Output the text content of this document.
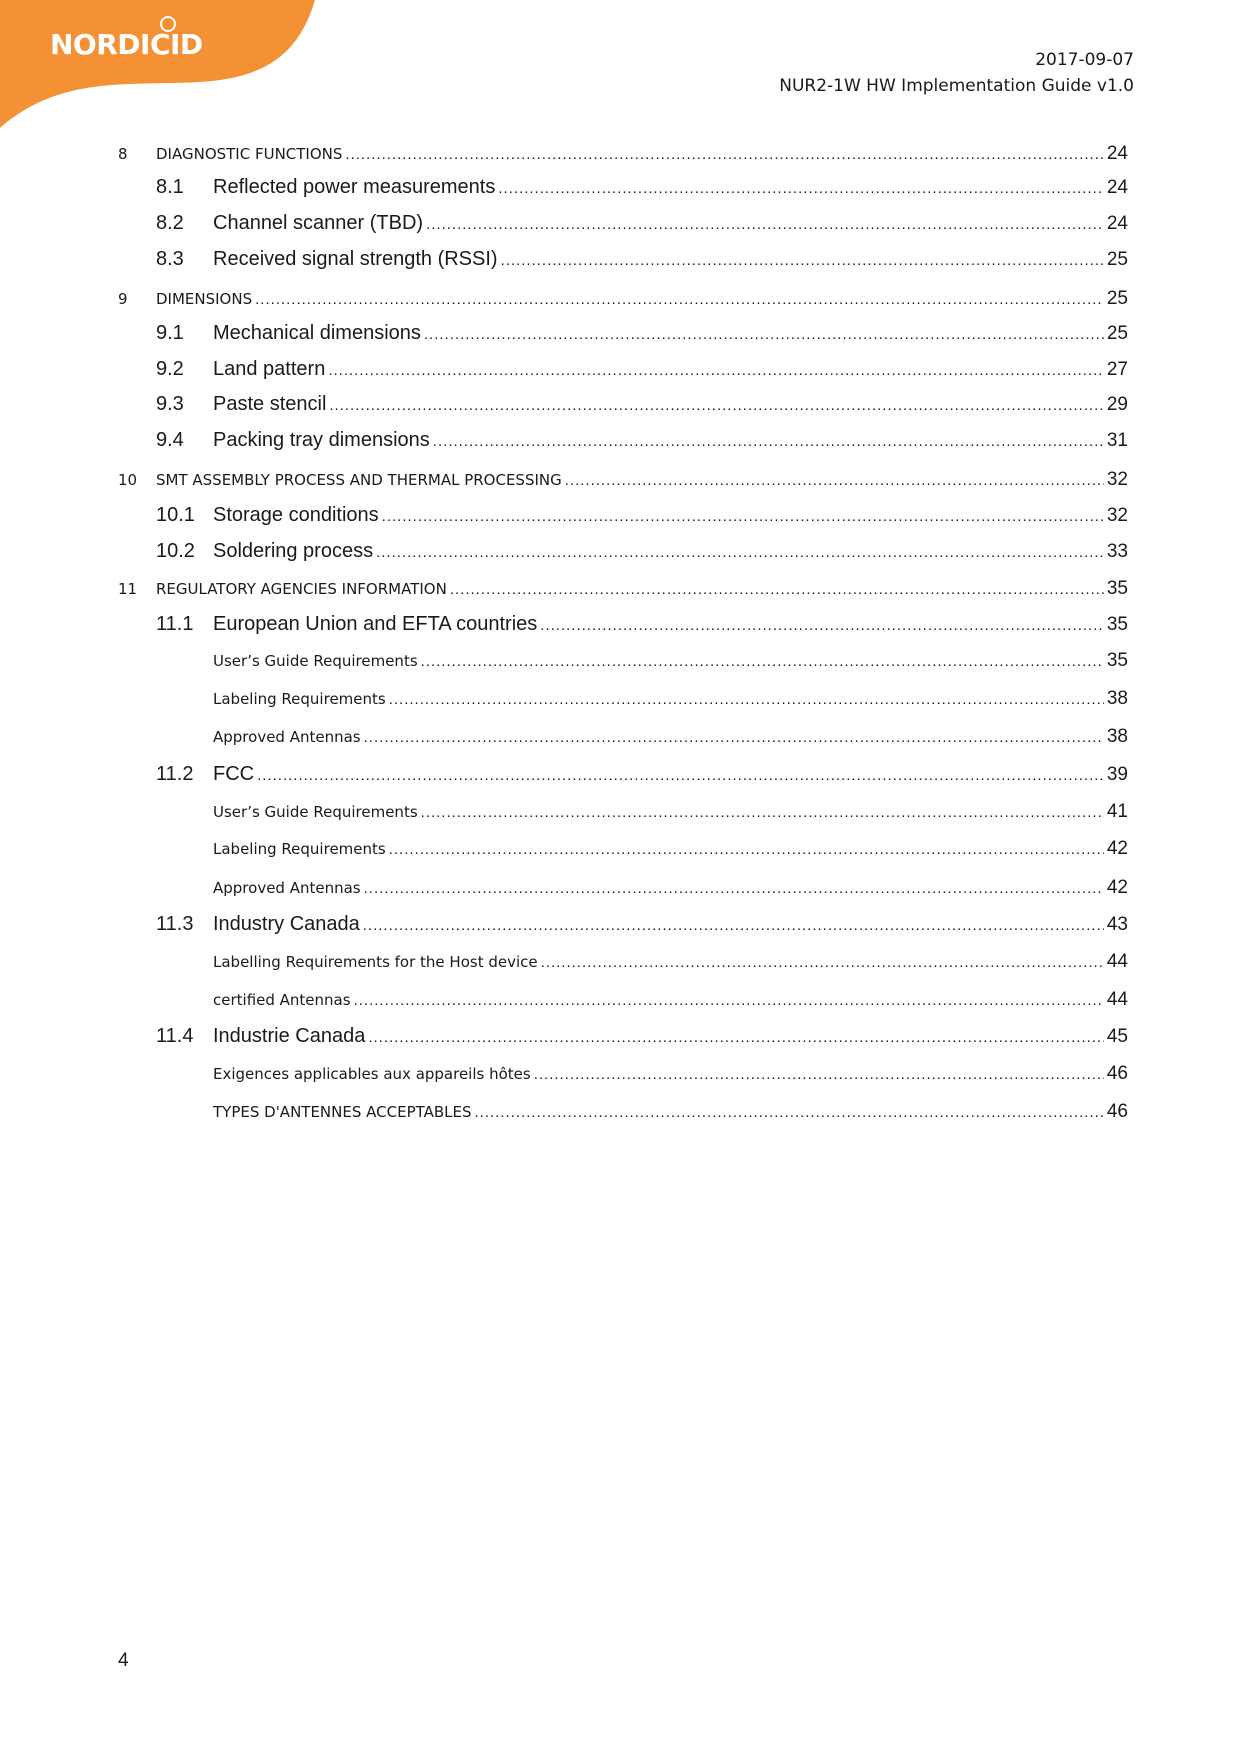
NORDICID	2017-09-07
NUR2-1W HW Implementation Guide v1.0
8	DIAGNOSTIC FUNCTIONS .....	24
8.1	Reflected power measurements .....	24
8.2	Channel scanner (TBD) .....	24
8.3	Received signal strength (RSSI) .....	25
9	DIMENSIONS .....	25
9.1	Mechanical dimensions .....	25
9.2	Land pattern .....	27
9.3	Paste stencil .....	29
9.4	Packing tray dimensions .....	31
10	SMT ASSEMBLY PROCESS AND THERMAL PROCESSING .....	32
10.1 Storage conditions .....	32
10.2 Soldering process .....	33
11	REGULATORY AGENCIES INFORMATION .....	35
11.1 European Union and EFTA countries .....	35
User’s Guide Requirements .....	35
Labeling Requirements .....	38
Approved Antennas .....	38
11.2 FCC .....	39
User’s Guide Requirements .....	41
Labeling Requirements .....	42
Approved Antennas .....	42
11.3 Industry Canada .....	43
Labelling Requirements for the Host device .....	44
certified Antennas .....	44
11.4 Industrie Canada .....	45
Exigences applicables aux appareils hôtes .....	46
TYPES D'ANTENNES ACCEPTABLES .....	46
4
